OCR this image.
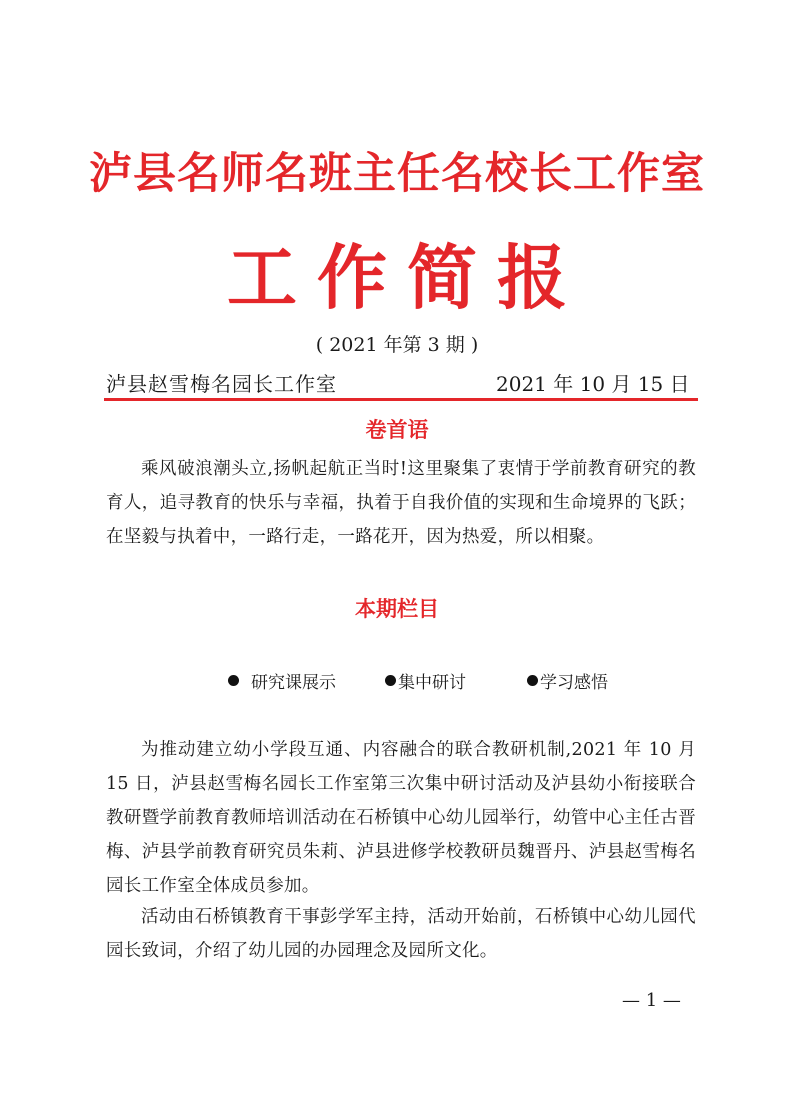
泸县名师名班主任名校长工作室
工作简报
( 2021 年第 3 期 )
泸县赵雪梅名园长工作室	2021 年 10 月 15 日
卷首语
乘风破浪潮头立,扬帆起航正当时!这里聚集了衷情于学前教育研究的教育人，追寻教育的快乐与幸福，执着于自我价值的实现和生命境界的飞跃；在坚毅与执着中，一路行走，一路花开，因为热爱，所以相聚。
本期栏目
研究课展示	集中研讨	学习感悟
为推动建立幼小学段互通、内容融合的联合教研机制,2021 年 10 月 15 日，泸县赵雪梅名园长工作室第三次集中研讨活动及泸县幼小衔接联合教研暨学前教育教师培训活动在石桥镇中心幼儿园举行，幼管中心主任古晋梅、泸县学前教育研究员朱莉、泸县进修学校教研员魏晋丹、泸县赵雪梅名园长工作室全体成员参加。
活动由石桥镇教育干事彭学军主持，活动开始前，石桥镇中心幼儿园代园长致词，介绍了幼儿园的办园理念及园所文化。
— 1 —
